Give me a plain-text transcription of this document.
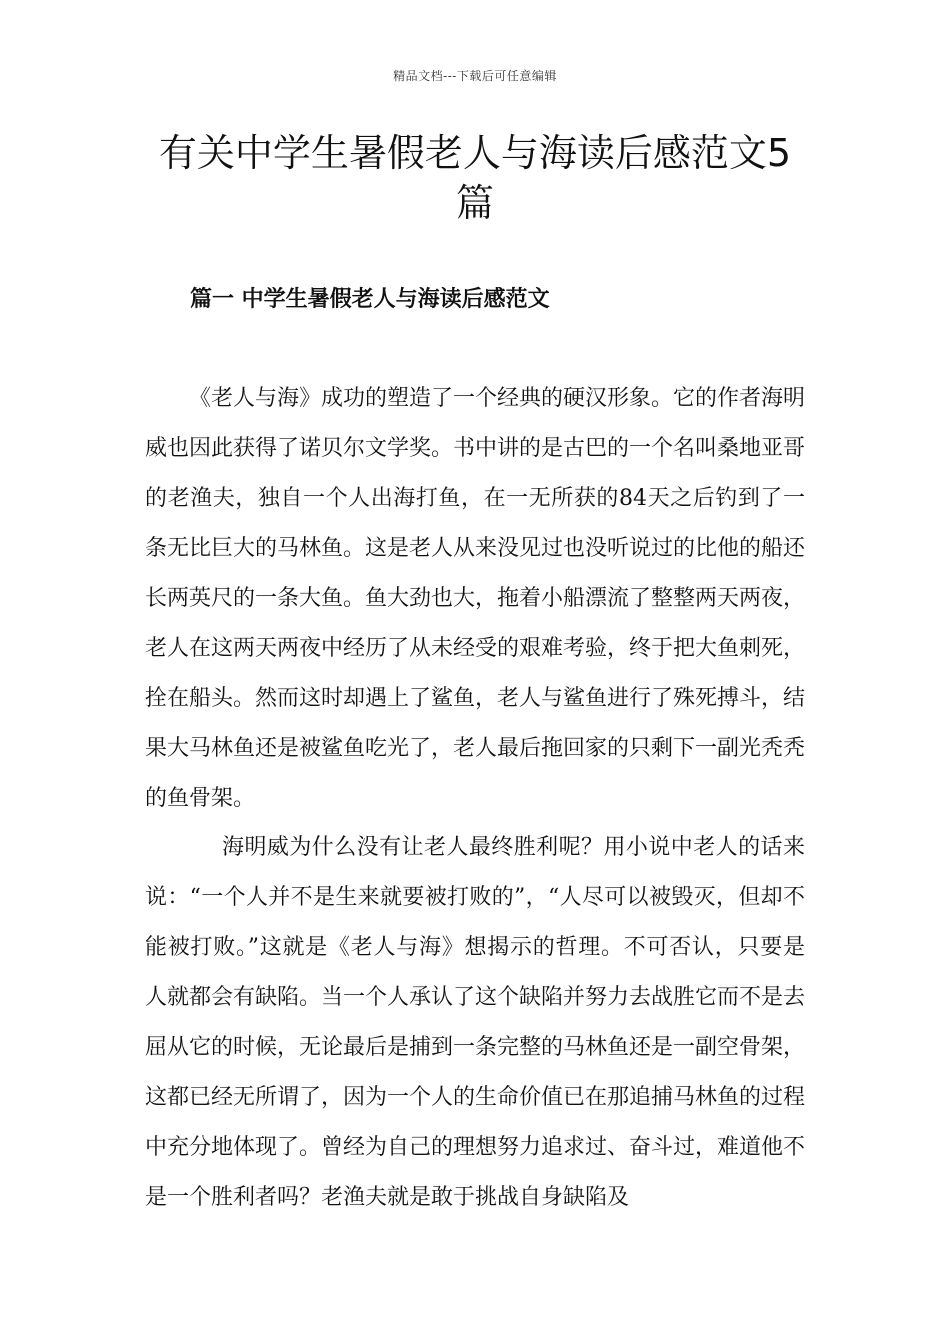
精品文档---下载后可任意编辑
有关中学生暑假老人与海读后感范文5篇
篇一 中学生暑假老人与海读后感范文

《老人与海》成功的塑造了一个经典的硬汉形象。它的作者海明威也因此获得了诺贝尔文学奖。书中讲的是古巴的一个名叫桑地亚哥的老渔夫，独自一个人出海打鱼，在一无所获的84天之后钓到了一条无比巨大的马林鱼。这是老人从来没见过也没听说过的比他的船还长两英尺的一条大鱼。鱼大劲也大，拖着小船漂流了整整两天两夜，老人在这两天两夜中经历了从未经受的艰难考验，终于把大鱼刺死，拴在船头。然而这时却遇上了鲨鱼，老人与鲨鱼进行了殊死搏斗，结果大马林鱼还是被鲨鱼吃光了，老人最后拖回家的只剩下一副光秃秃的鱼骨架。

海明威为什么没有让老人最终胜利呢？用小说中老人的话来说：“一个人并不是生来就要被打败的”，“人尽可以被毁灭，但却不能被打败。”这就是《老人与海》想揭示的哲理。不可否认，只要是人就都会有缺陷。当一个人承认了这个缺陷并努力去战胜它而不是去屈从它的时候，无论最后是捕到一条完整的马林鱼还是一副空骨架，这都已经无所谓了，因为一个人的生命价值已在那追捕马林鱼的过程中充分地体现了。曾经为自己的理想努力追求过、奋斗过，难道他不是一个胜利者吗？老渔夫就是敢于挑战自身缺陷及
